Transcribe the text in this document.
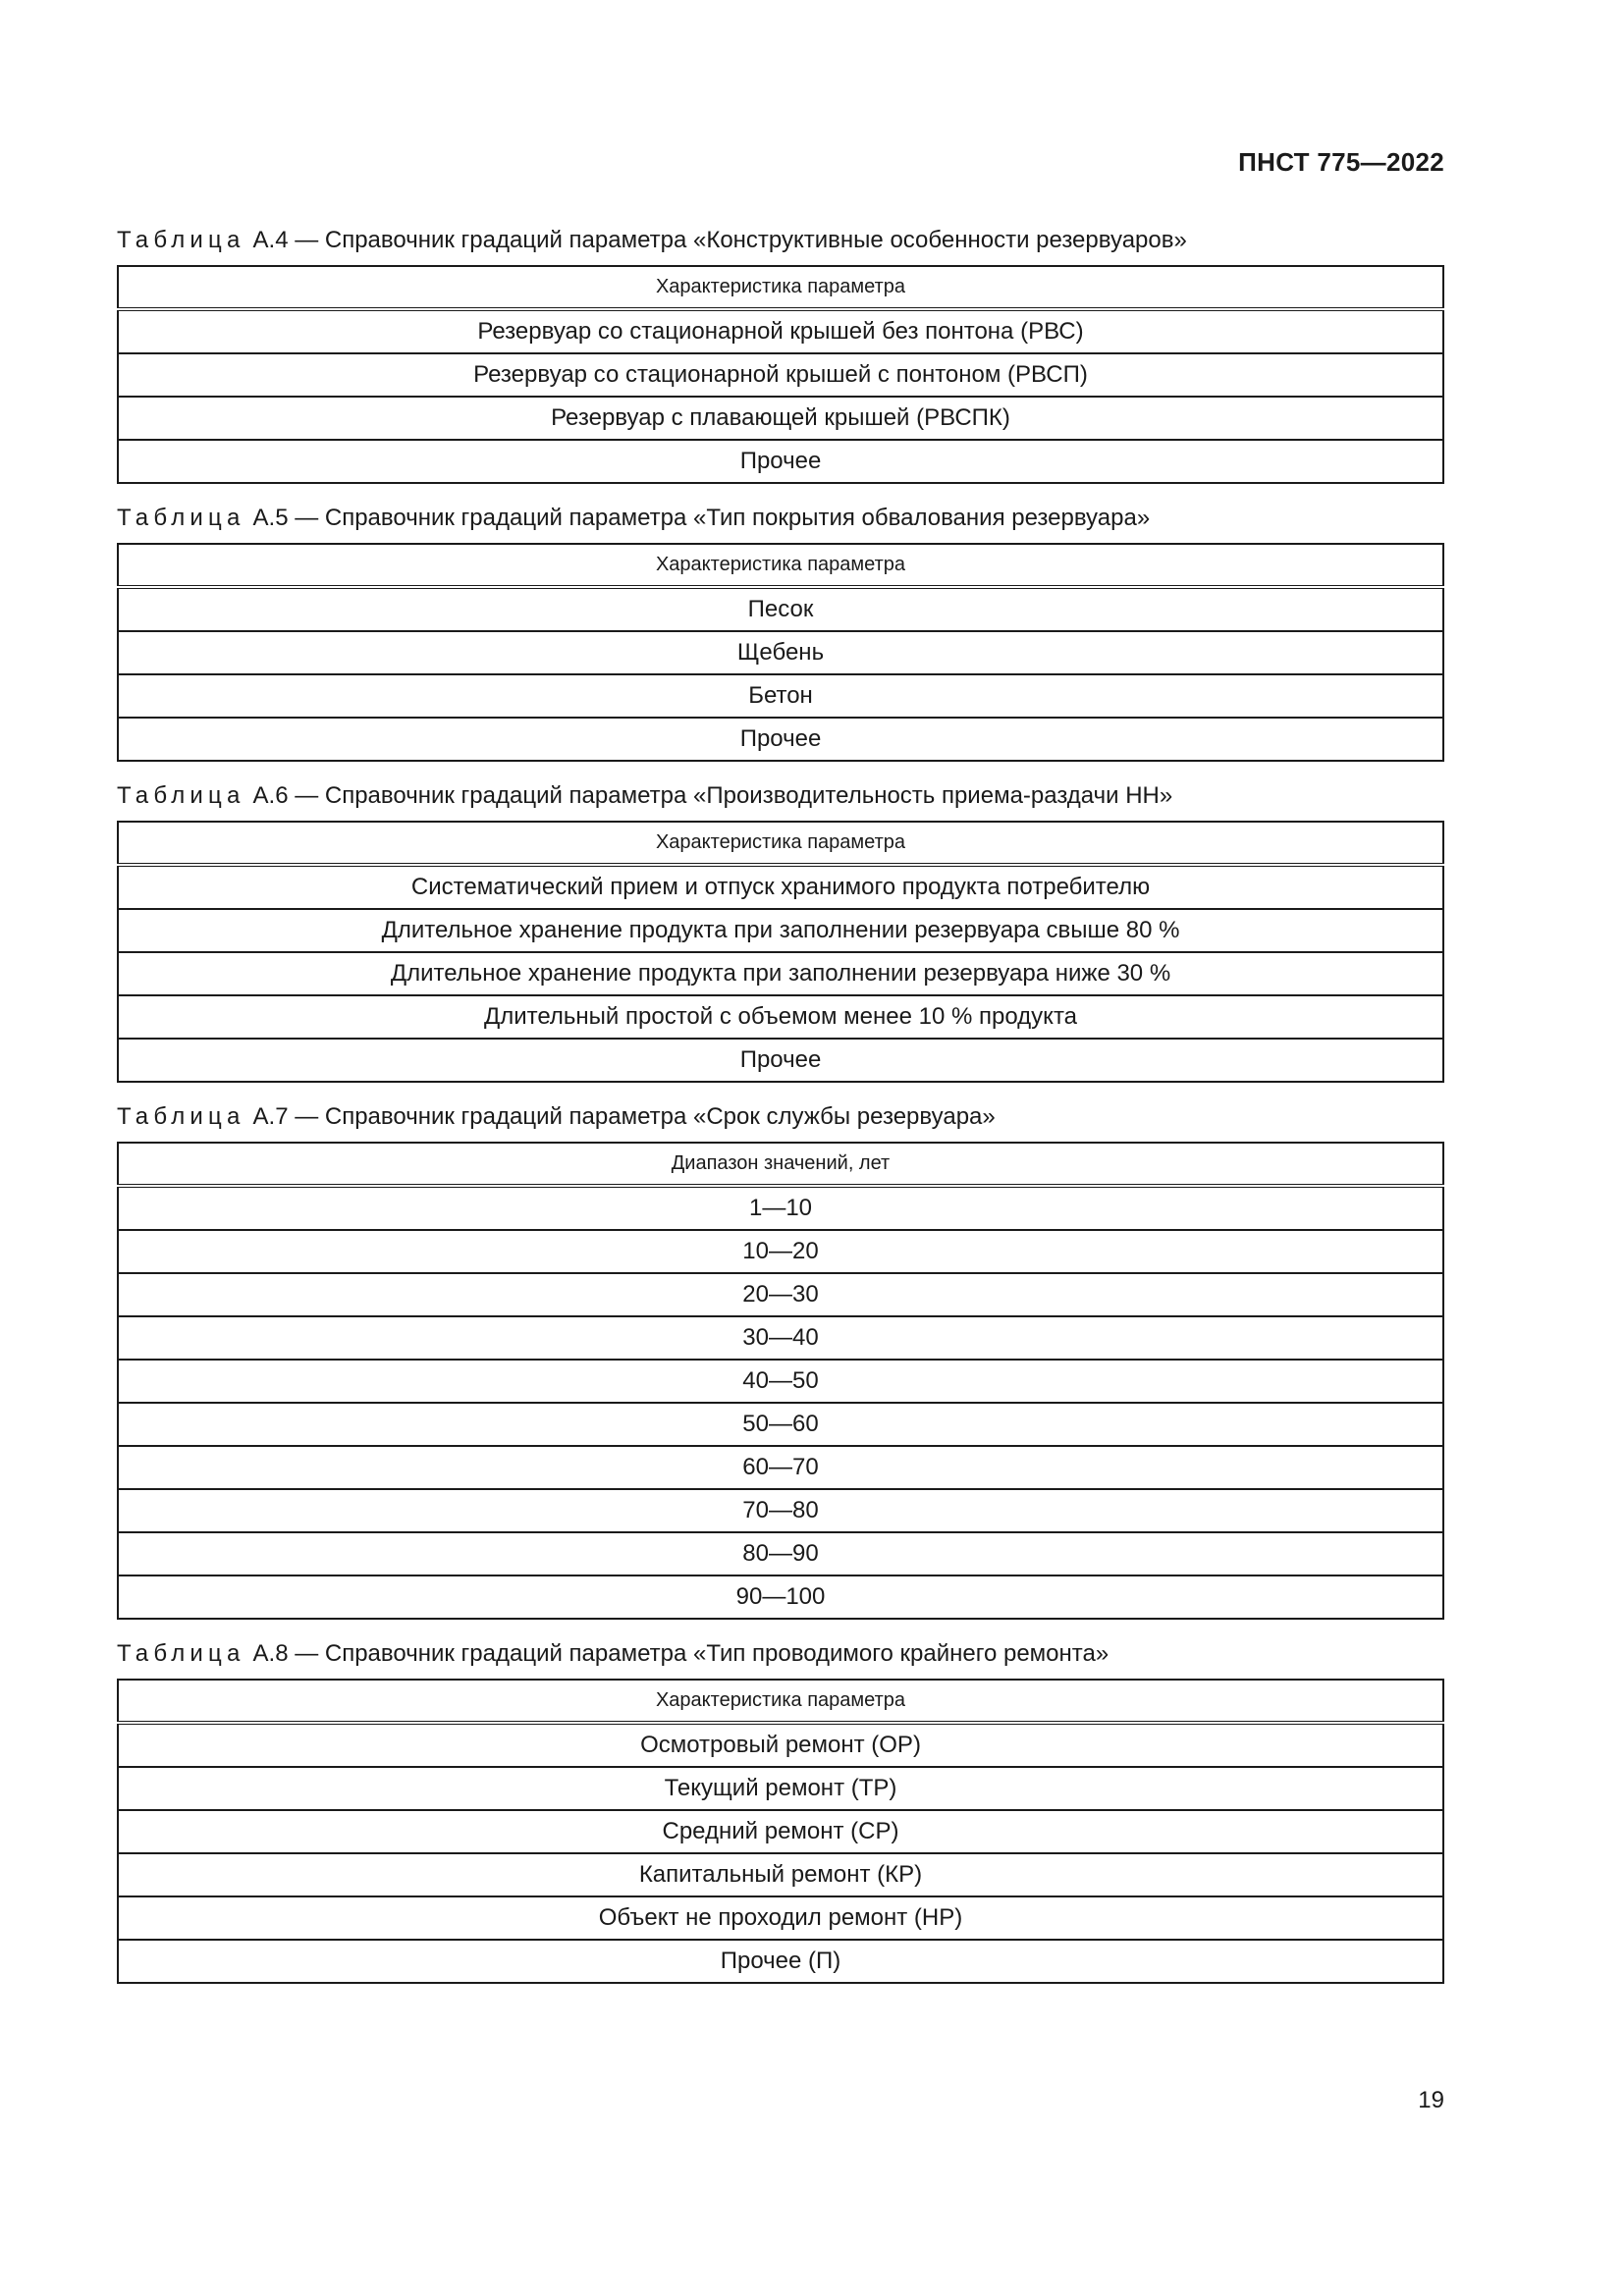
ПНСТ 775—2022
Таблица А.4 — Справочник градаций параметра «Конструктивные особенности резервуаров»
Характеристика параметра
Резервуар со стационарной крышей без понтона (РВС)
Резервуар со стационарной крышей с понтоном (РВСП)
Резервуар с плавающей крышей (РВСПК)
Прочее
Таблица А.5 — Справочник градаций параметра «Тип покрытия обвалования резервуара»
Характеристика параметра
Песок
Щебень
Бетон
Прочее
Таблица А.6 — Справочник градаций параметра «Производительность приема-раздачи НН»
Характеристика параметра
Систематический прием и отпуск хранимого продукта потребителю
Длительное хранение продукта при заполнении резервуара свыше 80 %
Длительное хранение продукта при заполнении резервуара ниже 30 %
Длительный простой с объемом менее 10 % продукта
Прочее
Таблица А.7 — Справочник градаций параметра «Срок службы резервуара»
Диапазон значений, лет
1—10
10—20
20—30
30—40
40—50
50—60
60—70
70—80
80—90
90—100
Таблица А.8 — Справочник градаций параметра «Тип проводимого крайнего ремонта»
Характеристика параметра
Осмотровый ремонт (ОР)
Текущий ремонт (ТР)
Средний ремонт (СР)
Капитальный ремонт (КР)
Объект не проходил ремонт (НР)
Прочее (П)
19
